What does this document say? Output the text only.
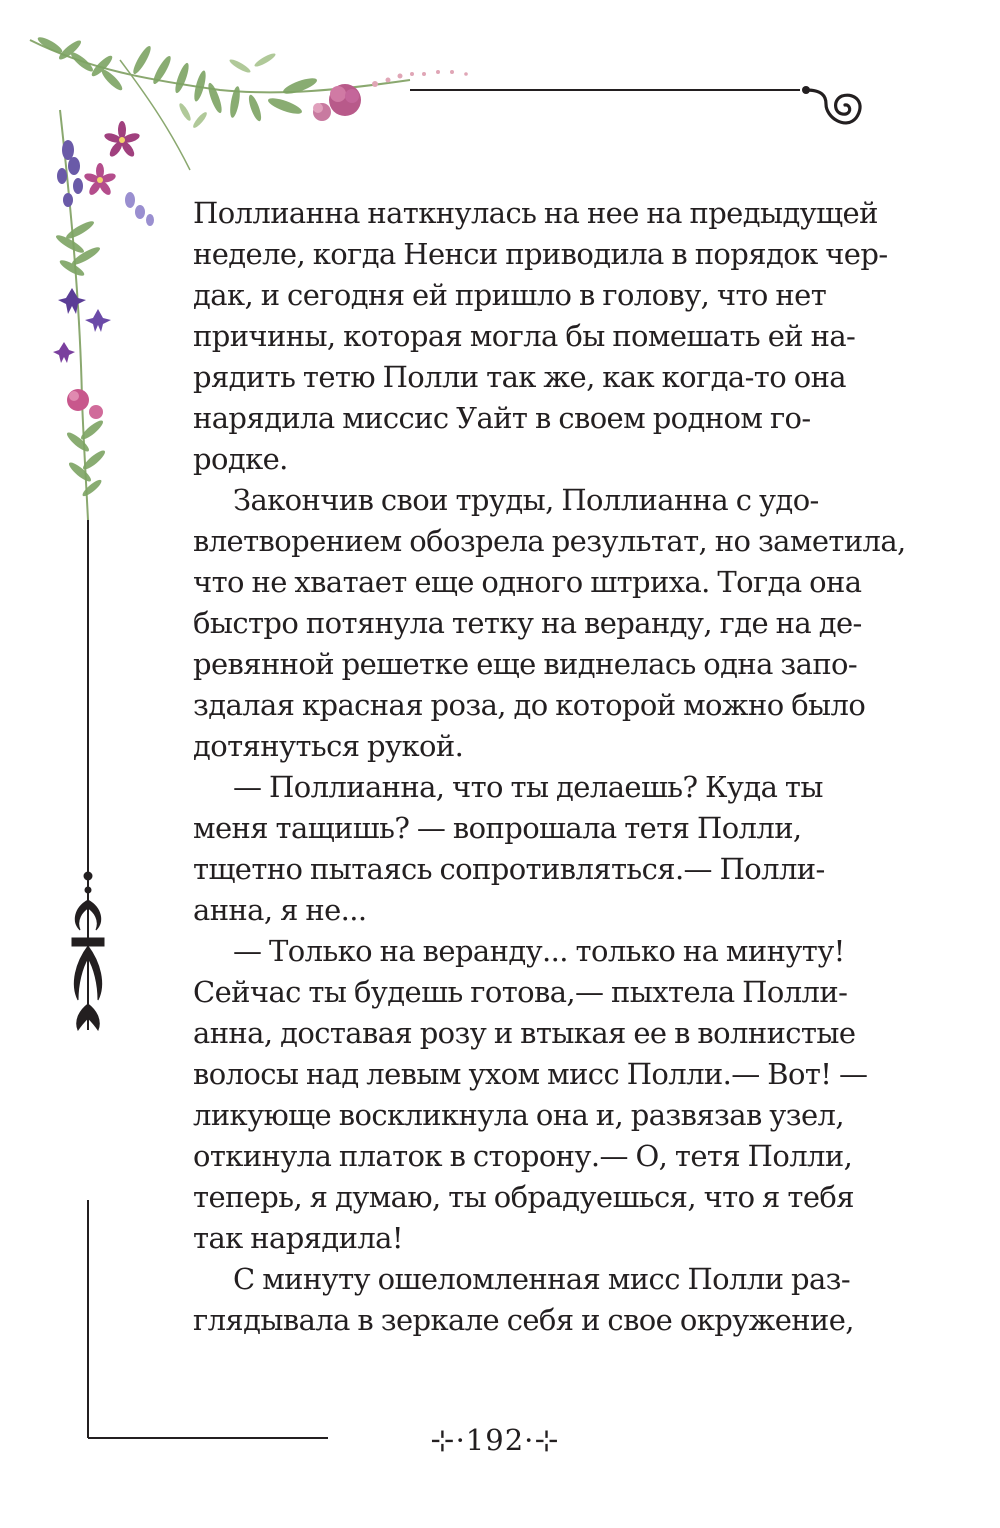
Поллианна наткнулась на нее на предыдущей
неделе, когда Ненси приводила в порядок чер-
дак, и сегодня ей пришло в голову, что нет
причины, которая могла бы помешать ей на-
рядить тетю Полли так же, как когда-то она
нарядила миссис Уайт в своем родном го-
родке.
Закончив свои труды, Поллианна с удо-
влетворением обозрела результат, но заметила,
что не хватает еще одного штриха. Тогда она
быстро потянула тетку на веранду, где на де-
ревянной решетке еще виднелась одна запо-
здалая красная роза, до которой можно было
дотянуться рукой.
— Поллианна, что ты делаешь? Куда ты
меня тащишь? — вопрошала тетя Полли,
тщетно пытаясь сопротивляться.— Полли-
анна, я не...
— Только на веранду... только на минуту!
Сейчас ты будешь готова,— пыхтела Полли-
анна, доставая розу и втыкая ее в волнистые
волосы над левым ухом мисс Полли.— Вот! —
ликующе воскликнула она и, развязав узел,
откинула платок в сторону.— О, тетя Полли,
теперь, я думаю, ты обрадуешься, что я тебя
так нарядила!
С минуту ошеломленная мисс Полли раз-
глядывала в зеркале себя и свое окружение,
⊹·192·⊹
